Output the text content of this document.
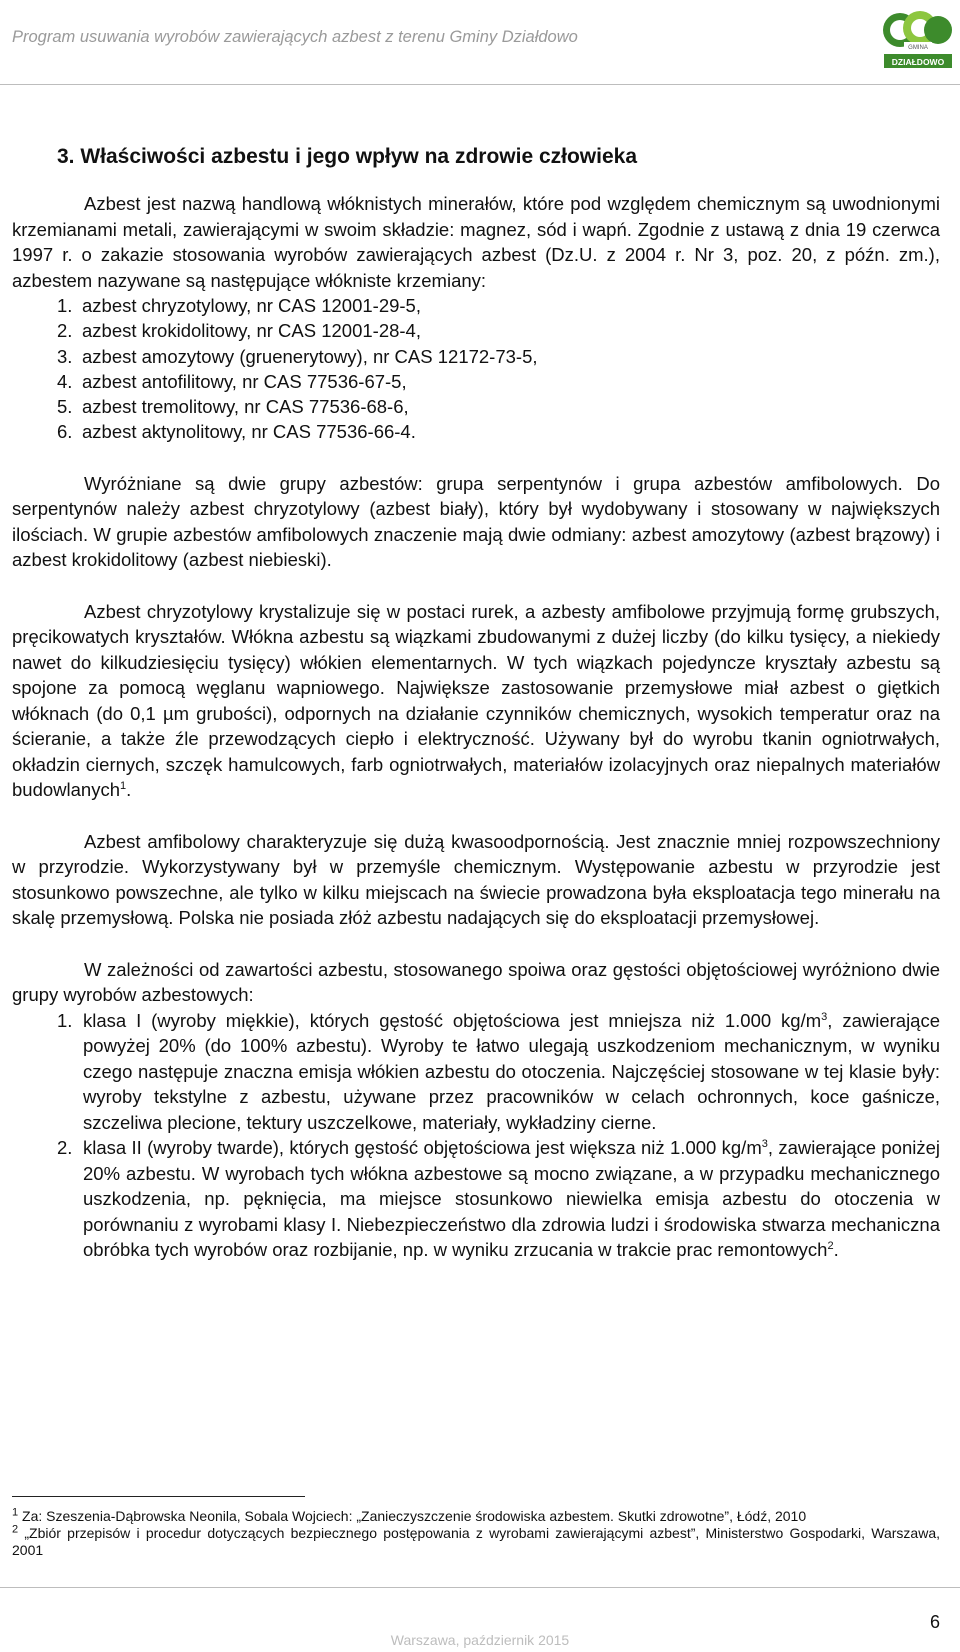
Program usuwania wyrobów zawierających azbest z terenu Gminy Działdowo
GMINA
DZIAŁDOWO
3. Właściwości azbestu i jego wpływ na zdrowie człowieka

Azbest jest nazwą handlową włóknistych minerałów, które pod względem chemicznym są uwodnionymi krzemianami metali, zawierającymi w swoim składzie: magnez, sód i wapń. Zgodnie z ustawą z dnia 19 czerwca 1997 r. o zakazie stosowania wyrobów zawierających azbest (Dz.U. z 2004 r. Nr 3, poz. 20, z późn. zm.), azbestem nazywane są następujące włókniste krzemiany:

1. azbest chryzotylowy, nr CAS 12001-29-5,
2. azbest krokidolitowy, nr CAS 12001-28-4,
3. azbest amozytowy (gruenerytowy), nr CAS 12172-73-5,
4. azbest antofilitowy, nr CAS 77536-67-5,
5. azbest tremolitowy, nr CAS 77536-68-6,
6. azbest aktynolitowy, nr CAS 77536-66-4.

Wyróżniane są dwie grupy azbestów: grupa serpentynów i grupa azbestów amfibolowych. Do serpentynów należy azbest chryzotylowy (azbest biały), który był wydobywany i stosowany w największych ilościach. W grupie azbestów amfibolowych znaczenie mają dwie odmiany: azbest amozytowy (azbest brązowy) i azbest krokidolitowy (azbest niebieski).

Azbest chryzotylowy krystalizuje się w postaci rurek, a azbesty amfibolowe przyjmują formę grubszych, pręcikowatych kryształów. Włókna azbestu są wiązkami zbudowanymi z dużej liczby (do kilku tysięcy, a niekiedy nawet do kilkudziesięciu tysięcy) włókien elementarnych. W tych wiązkach pojedyncze kryształy azbestu są spojone za pomocą węglanu wapniowego. Największe zastosowanie przemysłowe miał azbest o giętkich włóknach (do 0,1 µm grubości), odpornych na działanie czynników chemicznych, wysokich temperatur oraz na ścieranie, a także źle przewodzących ciepło i elektryczność. Używany był do wyrobu tkanin ogniotrwałych, okładzin ciernych, szczęk hamulcowych, farb ogniotrwałych, materiałów izolacyjnych oraz niepalnych materiałów budowlanych$^1$.

Azbest amfibolowy charakteryzuje się dużą kwasoodpornością. Jest znacznie mniej rozpowszechniony w przyrodzie. Wykorzystywany był w przemyśle chemicznym. Występowanie azbestu w przyrodzie jest stosunkowo powszechne, ale tylko w kilku miejscach na świecie prowadzona była eksploatacja tego minerału na skalę przemysłową. Polska nie posiada złóż azbestu nadających się do eksploatacji przemysłowej.

W zależności od zawartości azbestu, stosowanego spoiwa oraz gęstości objętościowej wyróżniono dwie grupy wyrobów azbestowych:

1. klasa I (wyroby miękkie), których gęstość objętościowa jest mniejsza niż 1.000 $kg/m^3$, zawierające powyżej 20% (do 100% azbestu). Wyroby te łatwo ulegają uszkodzeniom mechanicznym, w wyniku czego następuje znaczna emisja włókien azbestu do otoczenia. Najczęściej stosowane w tej klasie były: wyroby tekstylne z azbestu, używane przez pracowników w celach ochronnych, koce gaśnicze, szczeliwa plecione, tektury uszczelkowe, materiały, wykładziny cierne.
2. klasa II (wyroby twarde), których gęstość objętościowa jest większa niż 1.000 $kg/m^3$, zawierające poniżej 20% azbestu. W wyrobach tych włókna azbestowe są mocno związane, a w przypadku mechanicznego uszkodzenia, np. pęknięcia, ma miejsce stosunkowo niewielka emisja azbestu do otoczenia w porównaniu z wyrobami klasy I. Niebezpieczeństwo dla zdrowia ludzi i środowiska stwarza mechaniczna obróbka tych wyrobów oraz rozbijanie, np. w wyniku zrzucania w trakcie prac remontowych$^2$.

$^1$ Za: Szeszenia-Dąbrowska Neonila, Sobala Wojciech: „Zanieczyszczenie środowiska azbestem. Skutki zdrowotne”, Łódź, 2010

$^2$ „Zbiór przepisów i procedur dotyczących bezpiecznego postępowania z wyrobami zawierającymi azbest”, Ministerstwo Gospodarki, Warszawa, 2001

6
Warszawa, październik 2015
